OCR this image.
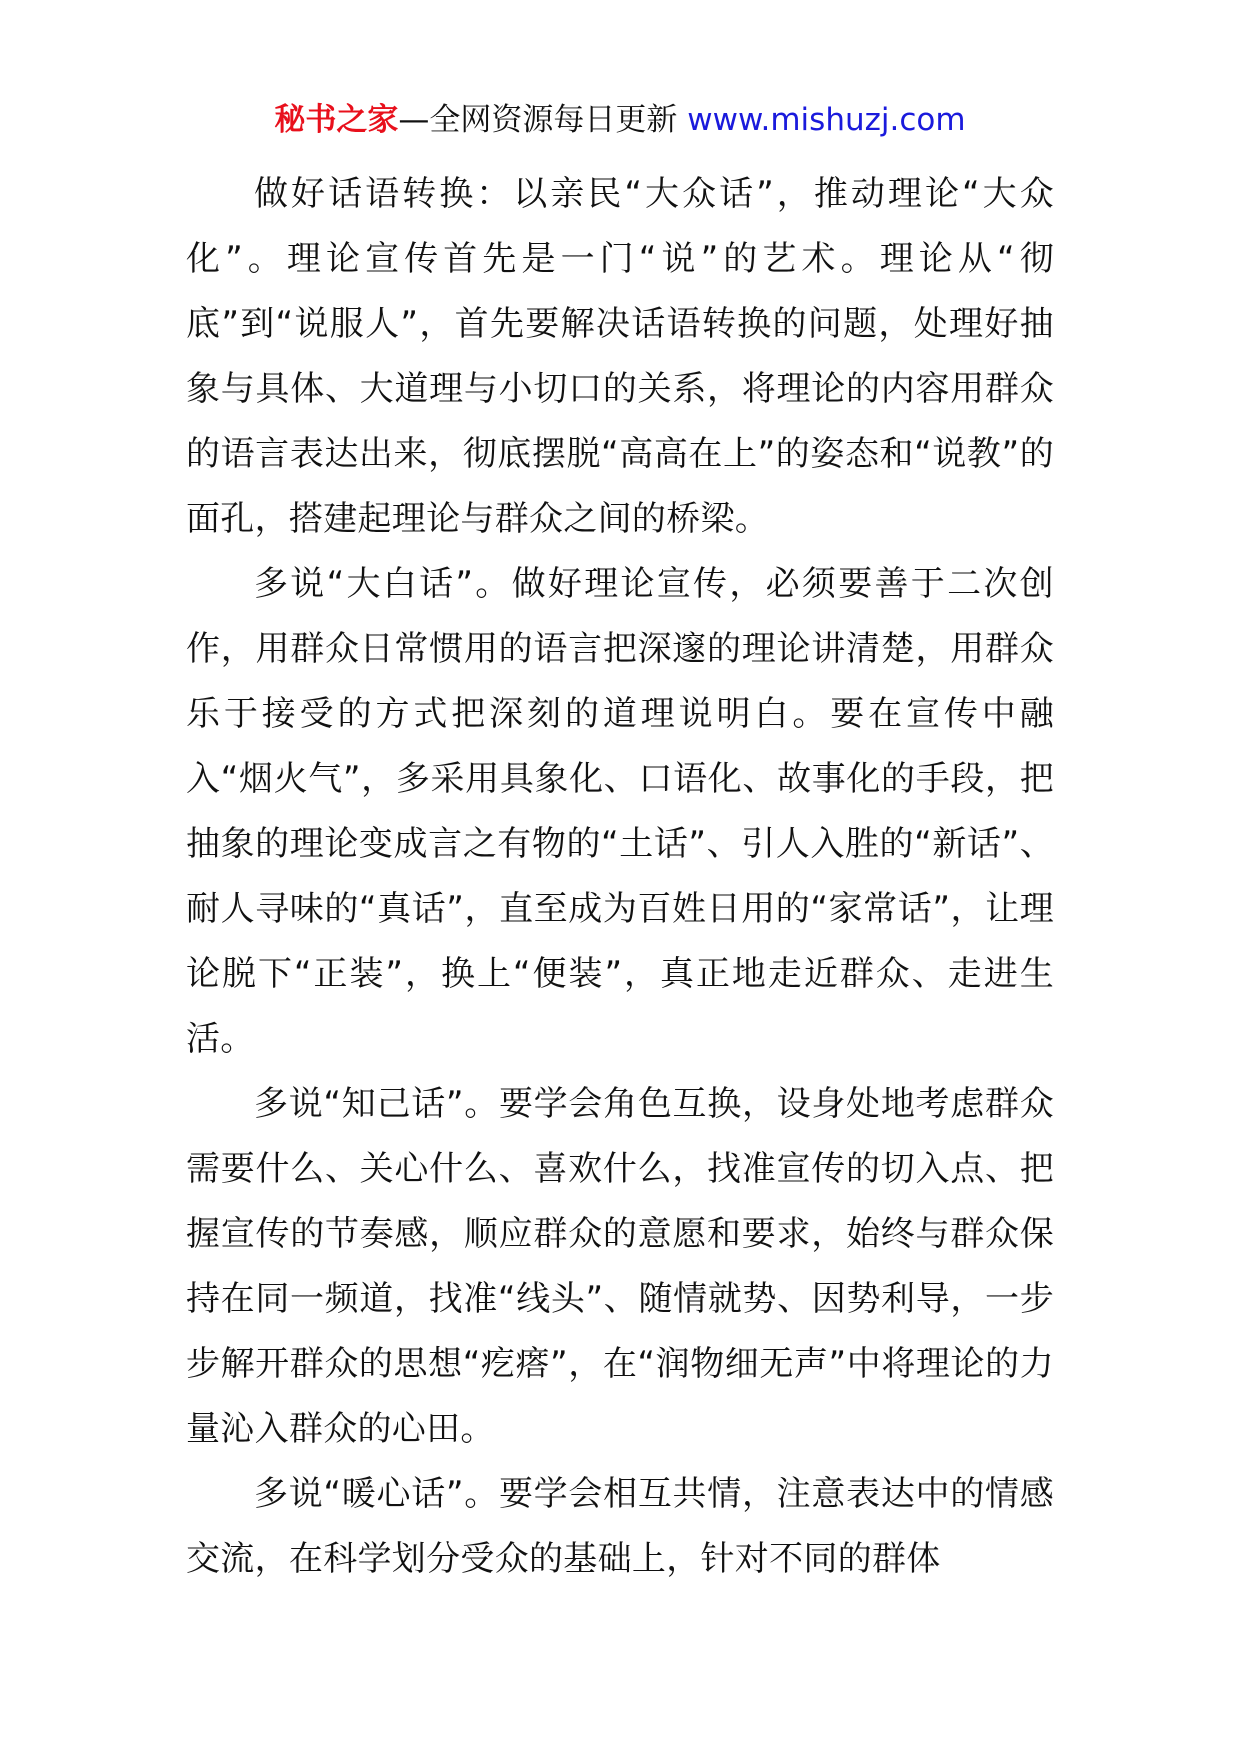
秘书之家—全网资源每日更新 www.mishuzj.com

做好话语转换：以亲民“大众话”，推动理论“大众化”。理论宣传首先是一门“说”的艺术。理论从“彻底”到“说服人”，首先要解决话语转换的问题，处理好抽象与具体、大道理与小切口的关系，将理论的内容用群众的语言表达出来，彻底摆脱“高高在上”的姿态和“说教”的面孔，搭建起理论与群众之间的桥梁。

多说“大白话”。做好理论宣传，必须要善于二次创作，用群众日常惯用的语言把深邃的理论讲清楚，用群众乐于接受的方式把深刻的道理说明白。要在宣传中融入“烟火气”，多采用具象化、口语化、故事化的手段，把抽象的理论变成言之有物的“土话”、引人入胜的“新话”、耐人寻味的“真话”，直至成为百姓日用的“家常话”，让理论脱下“正装”，换上“便装”，真正地走近群众、走进生活。

多说“知己话”。要学会角色互换，设身处地考虑群众需要什么、关心什么、喜欢什么，找准宣传的切入点、把握宣传的节奏感，顺应群众的意愿和要求，始终与群众保持在同一频道，找准“线头”、随情就势、因势利导，一步步解开群众的思想“疙瘩”，在“润物细无声”中将理论的力量沁入群众的心田。

多说“暖心话”。要学会相互共情，注意表达中的情感交流，在科学划分受众的基础上，针对不同的群体
